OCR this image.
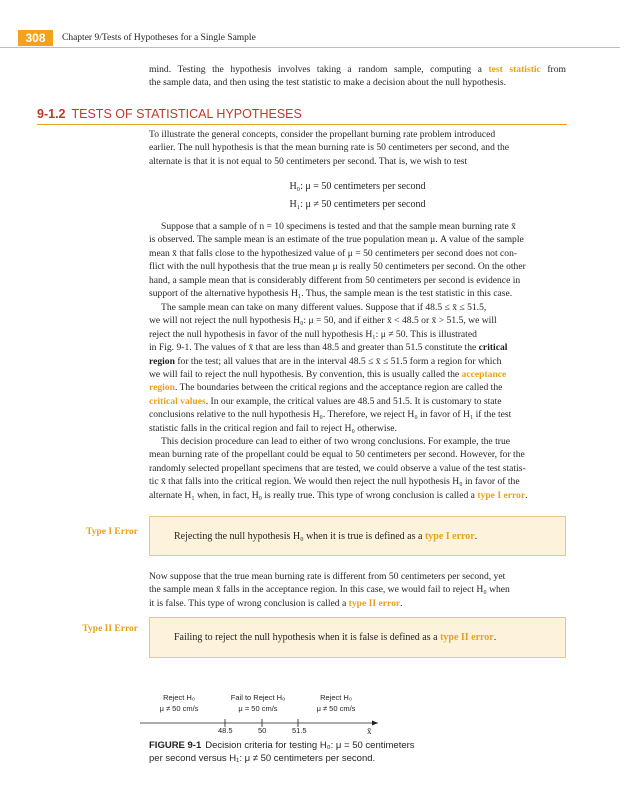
308	Chapter 9/Tests of Hypotheses for a Single Sample
mind. Testing the hypothesis involves taking a random sample, computing a test statistic from
the sample data, and then using the test statistic to make a decision about the null hypothesis.
9-1.2 TESTS OF STATISTICAL HYPOTHESES
To illustrate the general concepts, consider the propellant burning rate problem introduced
earlier. The null hypothesis is that the mean burning rate is 50 centimeters per second, and the
alternate is that it is not equal to 50 centimeters per second. That is, we wish to test
H₀: μ = 50 centimeters per second
H₁: μ ≠ 50 centimeters per second
Suppose that a sample of n = 10 specimens is tested and that the sample mean burning rate x̄
is observed. The sample mean is an estimate of the true population mean μ. A value of the sample
mean x̄ that falls close to the hypothesized value of μ = 50 centimeters per second does not con-
flict with the null hypothesis that the true mean μ is really 50 centimeters per second. On the other
hand, a sample mean that is considerably different from 50 centimeters per second is evidence in
support of the alternative hypothesis H₁. Thus, the sample mean is the test statistic in this case.
The sample mean can take on many different values. Suppose that if 48.5 ≤ x̄ ≤ 51.5,
we will not reject the null hypothesis H₀: μ = 50, and if either x̄ < 48.5 or x̄ > 51.5, we will
reject the null hypothesis in favor of the null hypothesis H₁: μ ≠ 50. This is illustrated
in Fig. 9-1. The values of x̄ that are less than 48.5 and greater than 51.5 constitute the critical
region for the test; all values that are in the interval 48.5 ≤ x̄ ≤ 51.5 form a region for which
we will fail to reject the null hypothesis. By convention, this is usually called the acceptance
region. The boundaries between the critical regions and the acceptance region are called the
critical values. In our example, the critical values are 48.5 and 51.5. It is customary to state
conclusions relative to the null hypothesis H₀. Therefore, we reject H₀ in favor of H₁ if the test
statistic falls in the critical region and fail to reject H₀ otherwise.
This decision procedure can lead to either of two wrong conclusions. For example, the true
mean burning rate of the propellant could be equal to 50 centimeters per second. However, for the
randomly selected propellant specimens that are tested, we could observe a value of the test statis-
tic x̄ that falls into the critical region. We would then reject the null hypothesis H₀ in favor of the
alternate H₁ when, in fact, H₀ is really true. This type of wrong conclusion is called a type I error.
Type I Error	Rejecting the null hypothesis H₀ when it is true is defined as a type I error.
Now suppose that the true mean burning rate is different from 50 centimeters per second, yet
the sample mean x̄ falls in the acceptance region. In this case, we would fail to reject H₀ when
it is false. This type of wrong conclusion is called a type II error.
Type II Error
Failing to reject the null hypothesis when it is false is defined as a type II error.
Reject H₀
μ ≠ 50 cm/s
Fail to Reject H₀
μ = 50 cm/s
Reject H₀
μ ≠ 50 cm/s
48.5	50	51.5	x̄
FIGURE 9-1 Decision criteria for testing H₀: μ = 50 centimeters
per second versus H₁: μ ≠ 50 centimeters per second.
